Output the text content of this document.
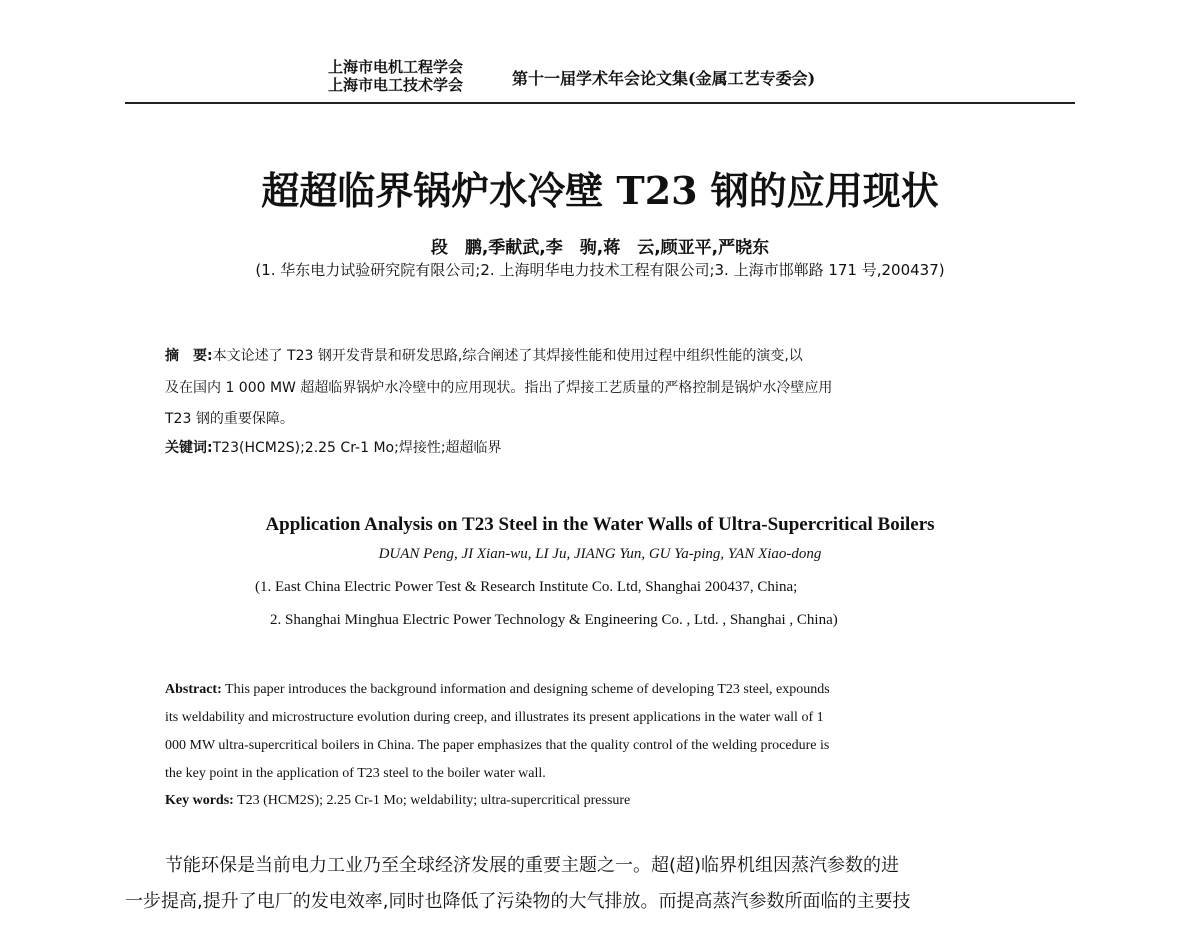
上海市电机工程学会
上海市电工技术学会	第十一届学术年会论文集(金属工艺专委会)
超超临界锅炉水冷壁 T23 钢的应用现状
段　鹏,季献武,李　驹,蒋　云,顾亚平,严晓东
(1. 华东电力试验研究院有限公司;2. 上海明华电力技术工程有限公司;3. 上海市邯郸路 171 号,200437)
摘　要:本文论述了 T23 钢开发背景和研发思路,综合阐述了其焊接性能和使用过程中组织性能的演变,以
及在国内 1 000 MW 超超临界锅炉水冷壁中的应用现状。指出了焊接工艺质量的严格控制是锅炉水冷壁应用
T23 钢的重要保障。
关键词:T23(HCM2S);2.25 Cr-1 Mo;焊接性;超超临界
Application Analysis on T23 Steel in the Water Walls of Ultra-Supercritical Boilers
DUAN Peng, JI Xian-wu, LI Ju, JIANG Yun, GU Ya-ping, YAN Xiao-dong
(1. East China Electric Power Test & Research Institute Co. Ltd, Shanghai 200437, China;
2. Shanghai Minghua Electric Power Technology & Engineering Co. , Ltd. , Shanghai , China)
Abstract: This paper introduces the background information and designing scheme of developing T23 steel, expounds
its weldability and microstructure evolution during creep, and illustrates its present applications in the water wall of 1
000 MW ultra-supercritical boilers in China. The paper emphasizes that the quality control of the welding procedure is
the key point in the application of T23 steel to the boiler water wall.
Key words: T23 (HCM2S); 2.25 Cr-1 Mo; weldability; ultra-supercritical pressure
节能环保是当前电力工业乃至全球经济发展的重要主题之一。超(超)临界机组因蒸汽参数的进
一步提高,提升了电厂的发电效率,同时也降低了污染物的大气排放。而提高蒸汽参数所面临的主要技
